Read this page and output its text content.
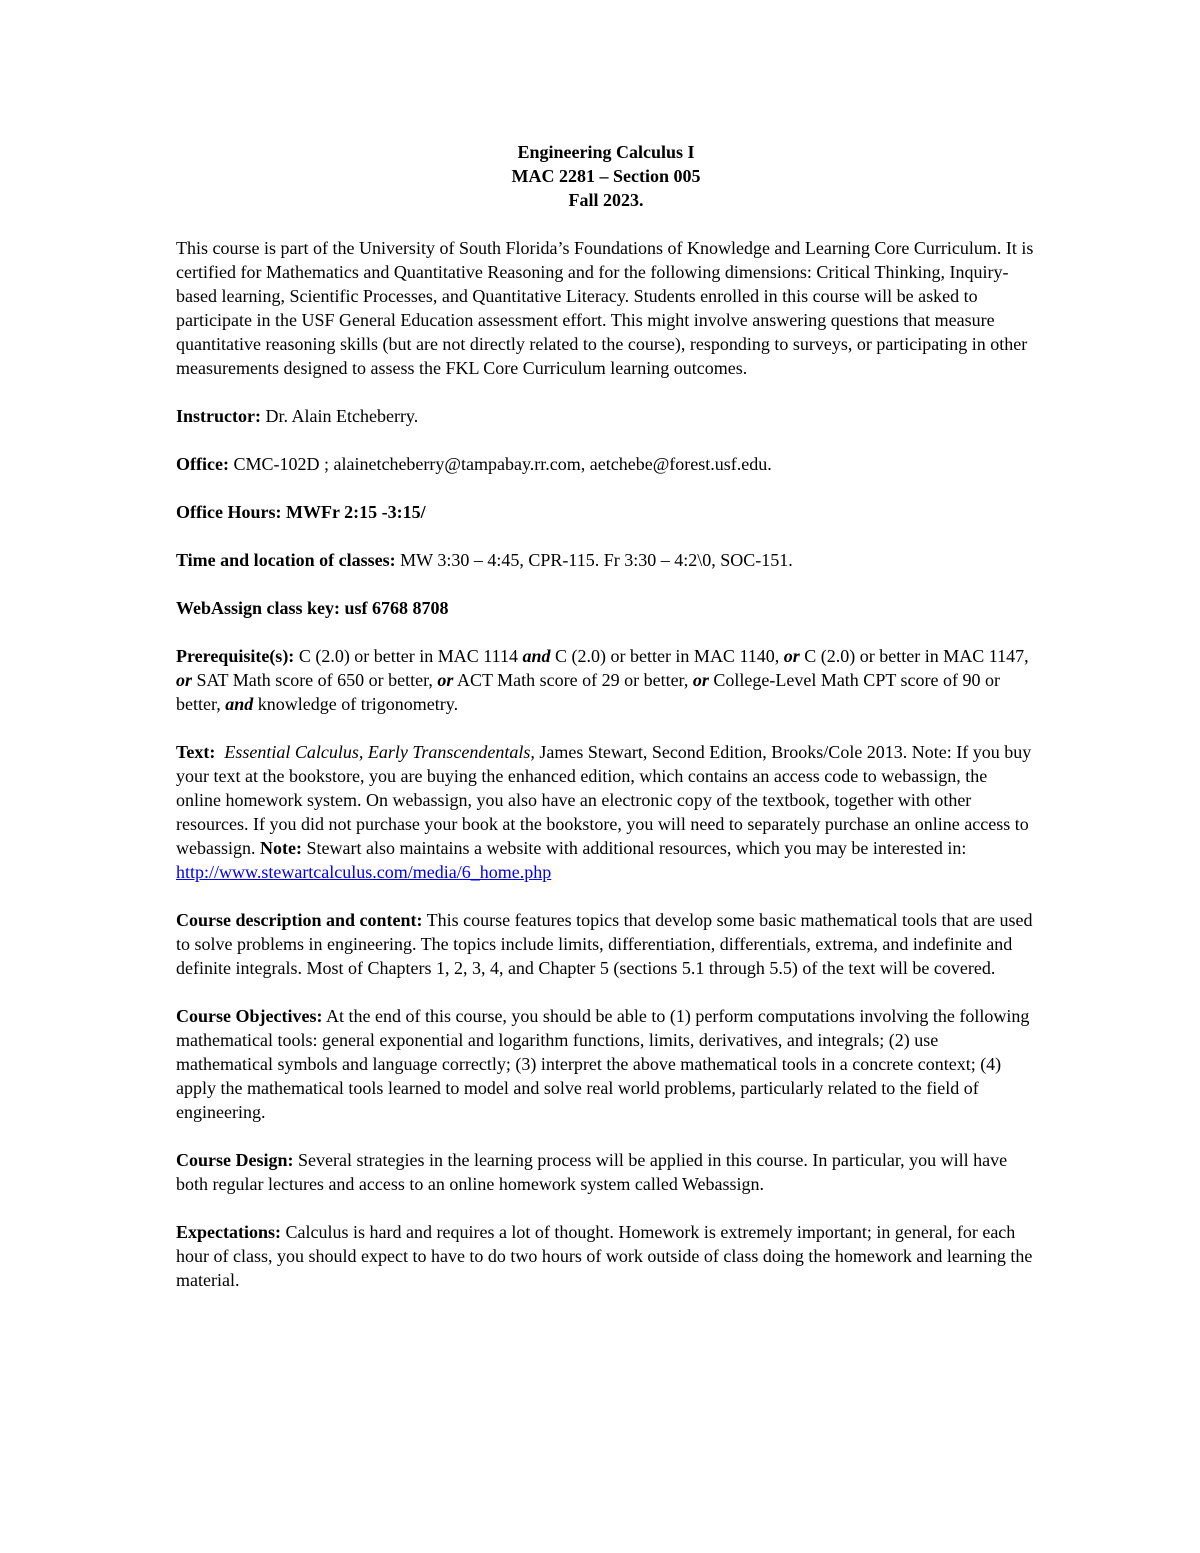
Engineering Calculus I
MAC 2281 – Section 005
Fall 2023.

This course is part of the University of South Florida’s Foundations of Knowledge and Learning Core Curriculum. It is certified for Mathematics and Quantitative Reasoning and for the following dimensions: Critical Thinking, Inquiry-based learning, Scientific Processes, and Quantitative Literacy. Students enrolled in this course will be asked to participate in the USF General Education assessment effort. This might involve answering questions that measure quantitative reasoning skills (but are not directly related to the course), responding to surveys, or participating in other measurements designed to assess the FKL Core Curriculum learning outcomes.

Instructor: Dr. Alain Etcheberry.

Office: CMC-102D ; alainetcheberry@tampabay.rr.com, aetchebe@forest.usf.edu.

Office Hours: MWFr 2:15 -3:15/

Time and location of classes: MW 3:30 – 4:45, CPR-115. Fr 3:30 – 4:2\0, SOC-151.

WebAssign class key: usf 6768 8708

Prerequisite(s): C (2.0) or better in MAC 1114 and C (2.0) or better in MAC 1140, or C (2.0) or better in MAC 1147, or SAT Math score of 650 or better, or ACT Math score of 29 or better, or College-Level Math CPT score of 90 or better, and knowledge of trigonometry.

Text: Essential Calculus, Early Transcendentals, James Stewart, Second Edition, Brooks/Cole 2013. Note: If you buy your text at the bookstore, you are buying the enhanced edition, which contains an access code to webassign, the online homework system. On webassign, you also have an electronic copy of the textbook, together with other resources. If you did not purchase your book at the bookstore, you will need to separately purchase an online access to webassign. Note: Stewart also maintains a website with additional resources, which you may be interested in: http://www.stewartcalculus.com/media/6_home.php

Course description and content: This course features topics that develop some basic mathematical tools that are used to solve problems in engineering. The topics include limits, differentiation, differentials, extrema, and indefinite and definite integrals. Most of Chapters 1, 2, 3, 4, and Chapter 5 (sections 5.1 through 5.5) of the text will be covered.

Course Objectives: At the end of this course, you should be able to (1) perform computations involving the following mathematical tools: general exponential and logarithm functions, limits, derivatives, and integrals; (2) use mathematical symbols and language correctly; (3) interpret the above mathematical tools in a concrete context; (4) apply the mathematical tools learned to model and solve real world problems, particularly related to the field of engineering.

Course Design: Several strategies in the learning process will be applied in this course. In particular, you will have both regular lectures and access to an online homework system called Webassign.

Expectations: Calculus is hard and requires a lot of thought. Homework is extremely important; in general, for each hour of class, you should expect to have to do two hours of work outside of class doing the homework and learning the material.
